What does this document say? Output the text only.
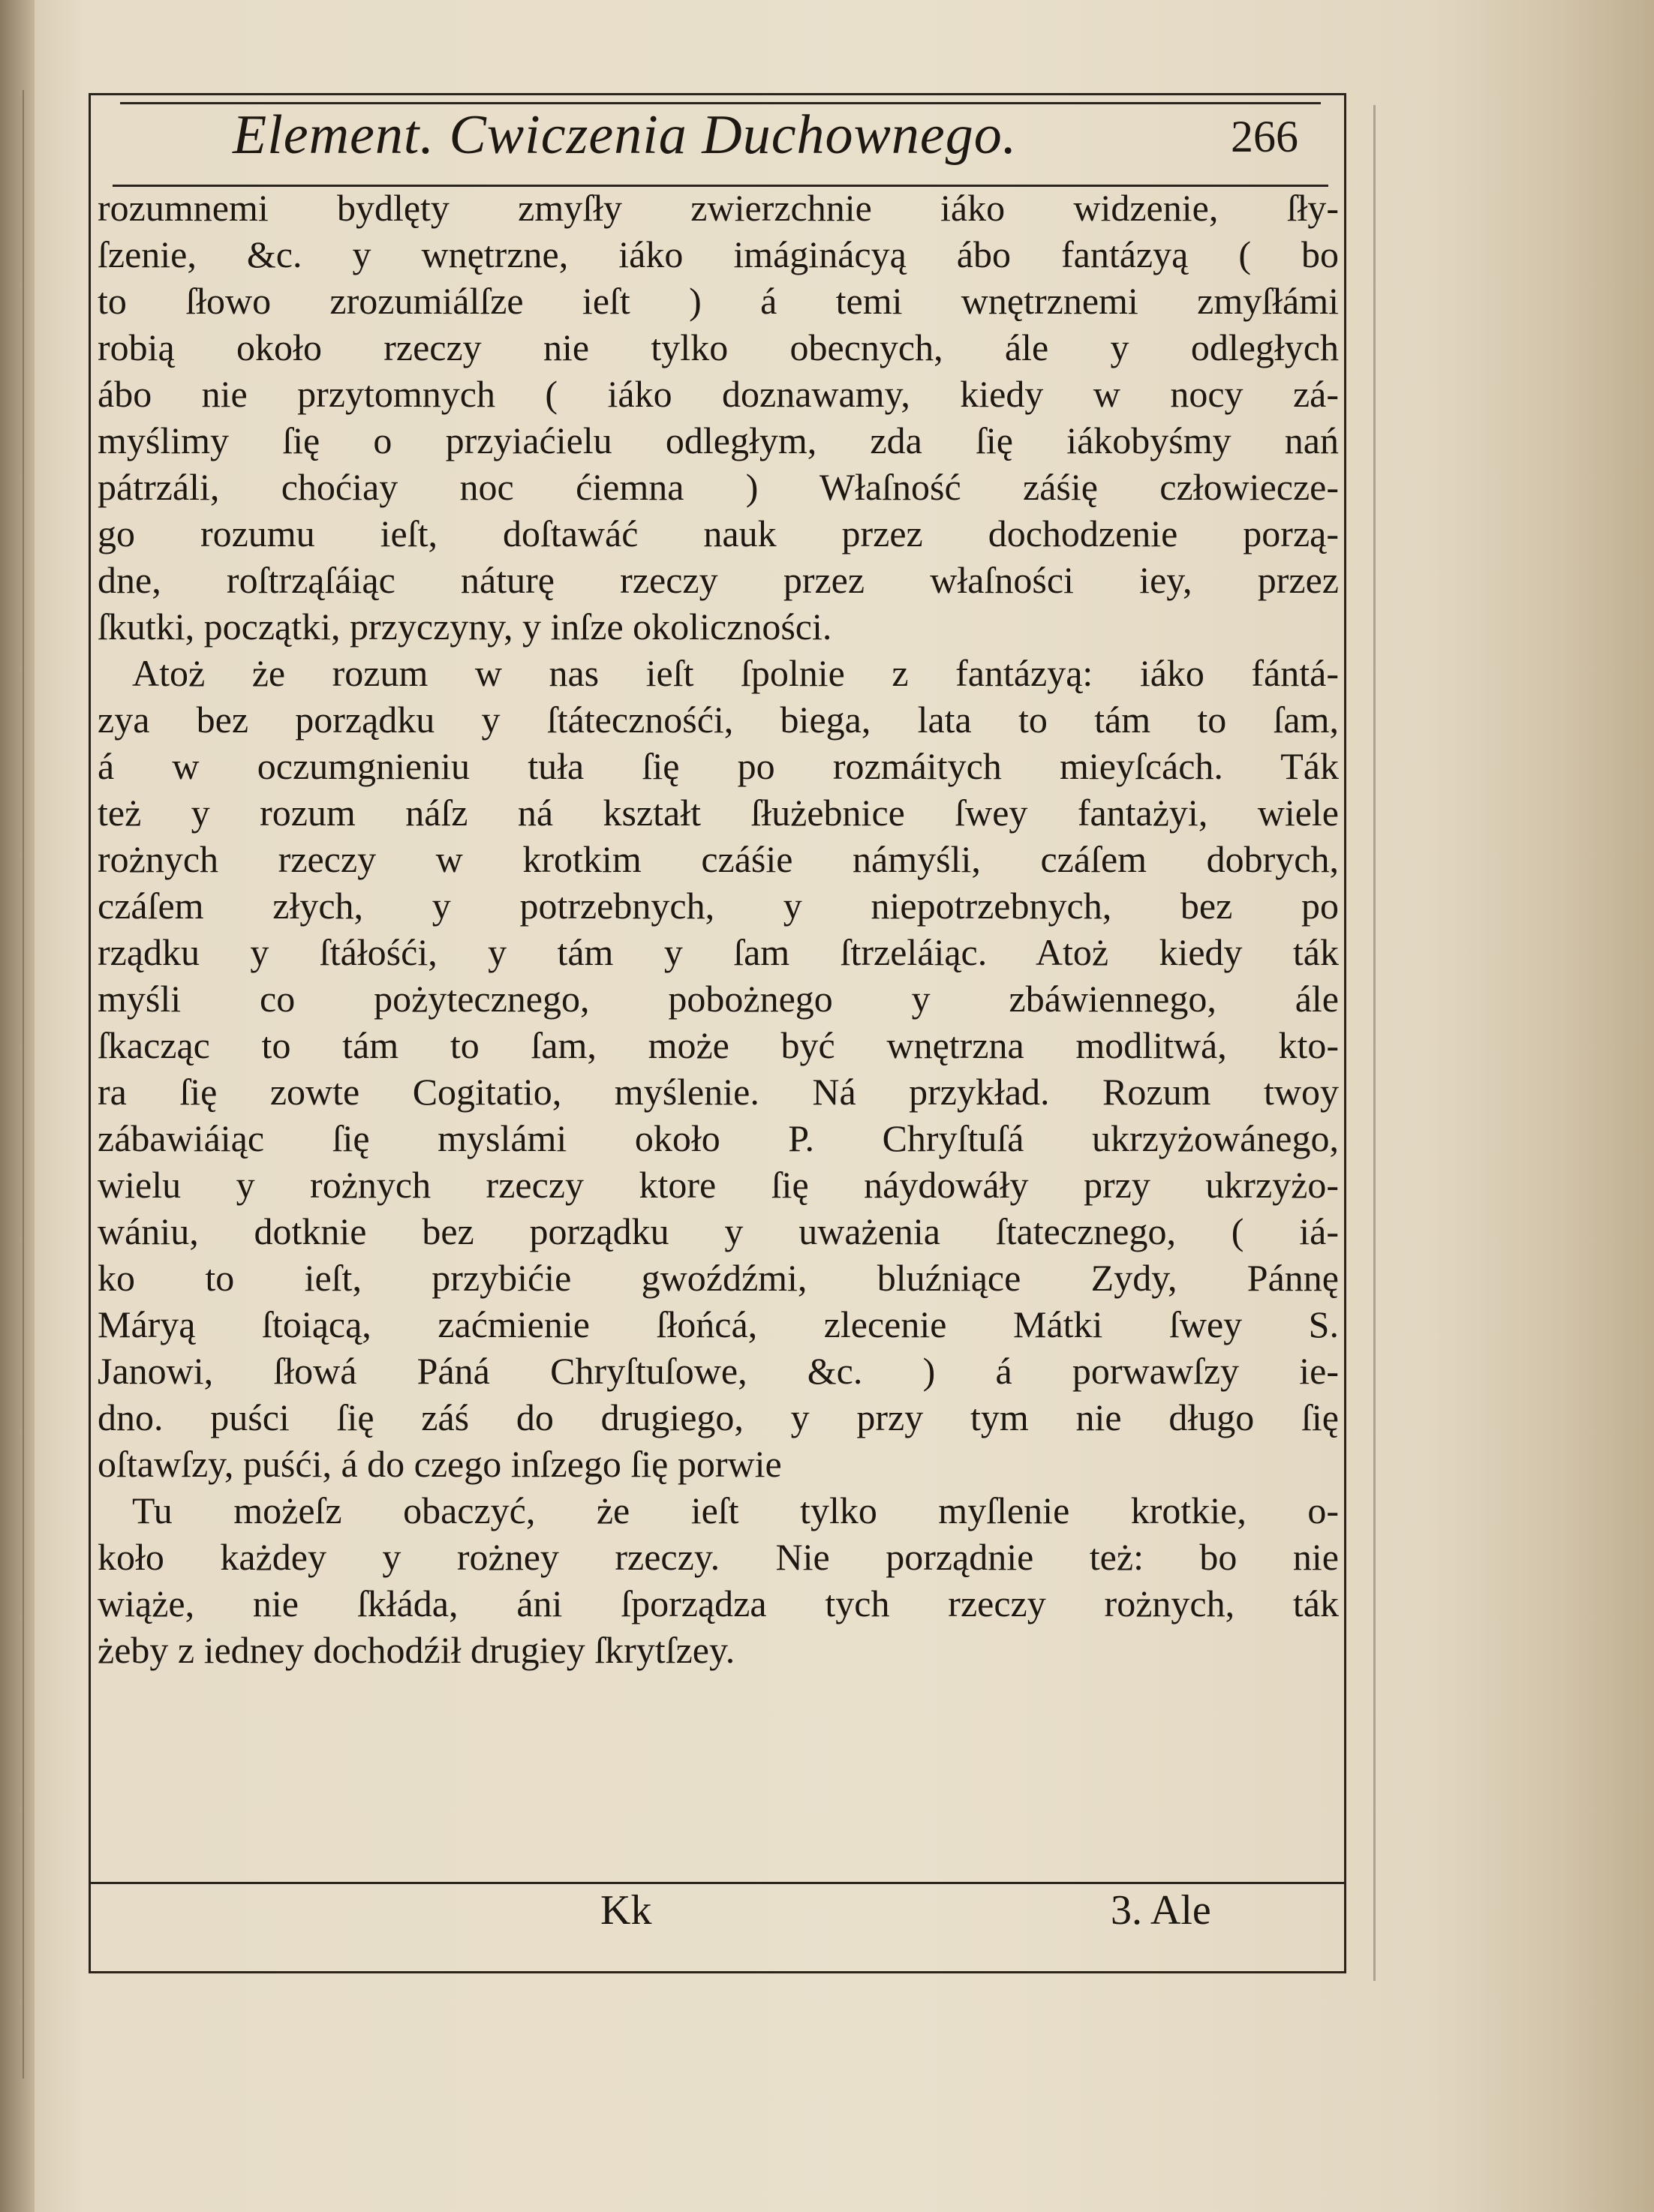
Element. Cwiczenia Duchownego.	266
rozumnemi bydlęty zmyſły zwierzchnie iáko widzenie, ſły-
ſzenie, &c. y wnętrzne, iáko imáginácyą ábo fantázyą ( bo
to ſłowo zrozumiálſze ieſt ) á temi wnętrznemi zmyſłámi
robią około rzeczy nie tylko obecnych, ále y odległych
ábo nie przytomnych ( iáko doznawamy, kiedy w nocy zá-
myślimy ſię o przyiaćielu odległym, zda ſię iákobyśmy nań
pátrzáli, choćiay noc ćiemna ) Właſność záśię człowiecze-
go rozumu ieſt, doſtawáć nauk przez dochodzenie porzą-
dne, roſtrząſáiąc náturę rzeczy przez właſności iey, przez
ſkutki, początki, przyczyny, y inſze okoliczności.
Atoż że rozum w nas ieſt ſpolnie z fantázyą: iáko fántá-
zya bez porządku y ſtátecznośći, biega, lata to tám to ſam,
á w oczumgnieniu tuła ſię po rozmáitych mieyſcách. Ták
też y rozum náſz ná kształt ſłużebnice ſwey fantażyi, wiele
rożnych rzeczy w krotkim czáśie námyśli, czáſem dobrych,
czáſem złych, y potrzebnych, y niepotrzebnych, bez po
rządku y ſtáłośći, y tám y ſam ſtrzeláiąc. Atoż kiedy ták
myśli co pożytecznego, pobożnego y zbáwiennego, ále
ſkacząc to tám to ſam, może być wnętrzna modlitwá, kto-
ra ſię zowte Cogitatio, myślenie. Ná przykład. Rozum twoy
zábawiáiąc ſię myslámi około P. Chryſtuſá ukrzyżowánego,
wielu y rożnych rzeczy ktore ſię náydowáły przy ukrzyżo-
wániu, dotknie bez porządku y uważenia ſtatecznego, ( iá-
ko to ieſt, przybićie gwoźdźmi, bluźniące Zydy, Pánnę
Máryą ſtoiącą, zaćmienie ſłońcá, zlecenie Mátki ſwey S.
Janowi, ſłowá Páná Chryſtuſowe, &c. ) á porwawſzy ie-
dno. puści ſię záś do drugiego, y przy tym nie długo ſię
oſtawſzy, puśći, á do czego inſzego ſię porwie
Tu możeſz obaczyć, że ieſt tylko myſlenie krotkie, o-
koło każdey y rożney rzeczy. Nie porządnie też: bo nie
wiąże, nie ſkłáda, áni ſporządza tych rzeczy rożnych, ták
żeby z iedney dochodźił drugiey ſkrytſzey.
Kk	3. Ale
